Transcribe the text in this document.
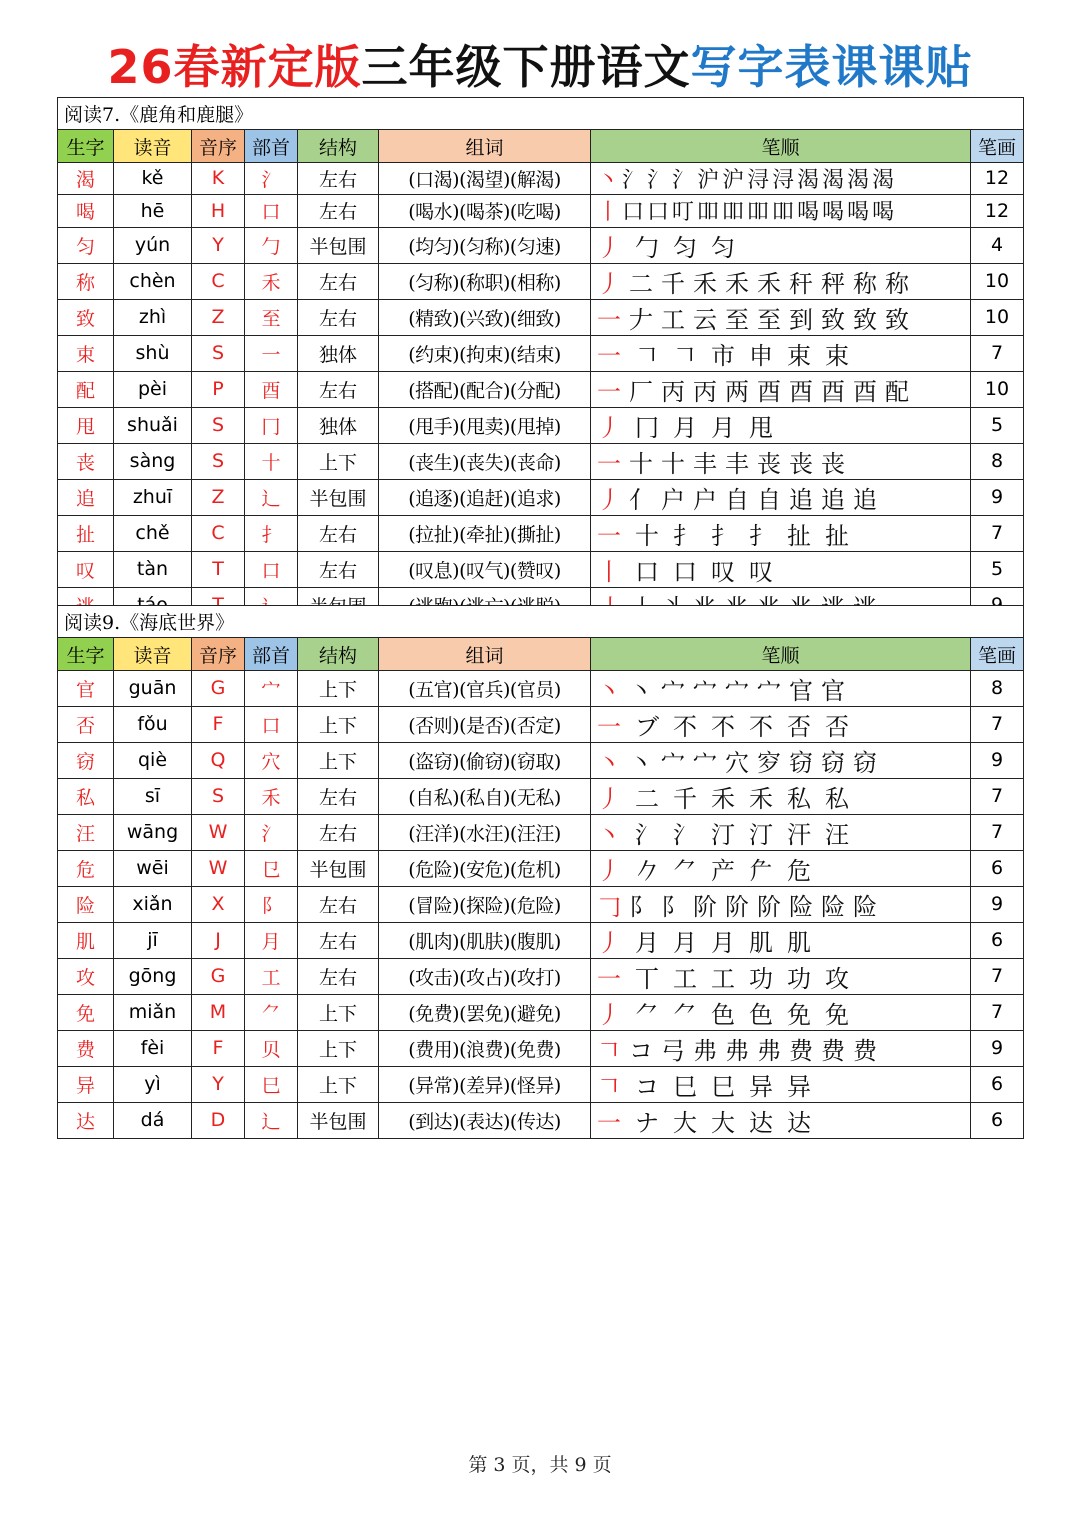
26春新定版三年级下册语文写字表课课贴
阅读7.《鹿角和鹿腿》							
生字	读音	音序	部首	结构	组词	笔顺	笔画
渴	kě	K	氵	左右	(口渴)(渴望)(解渴)	丶 氵 氵 氵 沪 沪 浔 浔 渴 渴 渴 渴	12
喝	hē	H	口	左右	(喝水)(喝茶)(吃喝)	丨 口 口 叮 吅 吅 吅 吅 喝 喝 喝 喝	12
匀	yún	Y	勹	半包围	(均匀)(匀称)(匀速)	丿 勹 匀 匀	4
称	chèn	C	禾	左右	(匀称)(称职)(相称)	丿 二 千 禾 禾 禾 秆 秤 称 称	10
致	zhì	Z	至	左右	(精致)(兴致)(细致)	一 𠂇 工 云 至 至 到 致 致 致	10
束	shù	S	一	独体	(约束)(拘束)(结束)	一 𠃍 𠃍 市 申 束 束	7
配	pèi	P	酉	左右	(搭配)(配合)(分配)	一 厂 丙 丙 两 酉 酉 酉 酉 配	10
甩	shuǎi	S	冂	独体	(甩手)(甩卖)(甩掉)	丿 冂 月 月 甩	5
丧	sàng	S	十	上下	(丧生)(丧失)(丧命)	一 十 十 丰 丰 丧 丧 丧	8
追	zhuī	Z	辶	半包围	(追逐)(追赶)(追求)	丿 亻 户 户 自 自 追 追 追	9
扯	chě	C	扌	左右	(拉扯)(牵扯)(撕扯)	一 十 扌 扌 扌 扯 扯	7
叹	tàn	T	口	左右	(叹息)(叹气)(赞叹)	丨 口 口 叹 叹	5

阅读9.《海底世界》							
生字	读音	音序	部首	结构	组词	笔顺	笔画
官	guān	G	宀	上下	(五官)(官兵)(官员)	丶 丶 宀 宀 宀 宀 官 官	8
否	fǒu	F	口	上下	(否则)(是否)(否定)	一 ブ 不 不 不 否 否	7
窃	qiè	Q	穴	上下	(盗窃)(偷窃)(窃取)	丶 丶 宀 宀 穴 穸 窃 窃 窃	9
私	sī	S	禾	左右	(自私)(私自)(无私)	丿 二 千 禾 禾 私 私	7
汪	wāng	W	氵	左右	(汪洋)(水汪)(汪汪)	丶 氵 氵 汀 汀 汗 汪	7
危	wēi	W	㔾	半包围	(危险)(安危)(危机)	丿 𠂊 ⺈ 产 厃 危	6
险	xiǎn	X	阝	左右	(冒险)(探险)(危险)	𠃌 阝 阝 阶 阶 阶 险 险 险	9
肌	jī	J	月	左右	(肌肉)(肌肤)(腹肌)	丿 月 月 月 肌 肌	6
攻	gōng	G	工	左右	(攻击)(攻占)(攻打)	一 丅 工 工 功 功 攻	7
免	miǎn	M	⺈	上下	(免费)(罢免)(避免)	丿 ⺈ ⺈ 色 色 免 免	7
费	fèi	F	贝	上下	(费用)(浪费)(免费)	𠃍 コ 弓 弗 弗 弗 费 费 费	9
异	yì	Y	巳	上下	(异常)(差异)(怪异)	𠃍 コ 巳 巳 异 异	6
达	dá	D	辶	半包围	(到达)(表达)(传达)	一 ナ 大 大 达 达	6
第 3 页，共 9 页
